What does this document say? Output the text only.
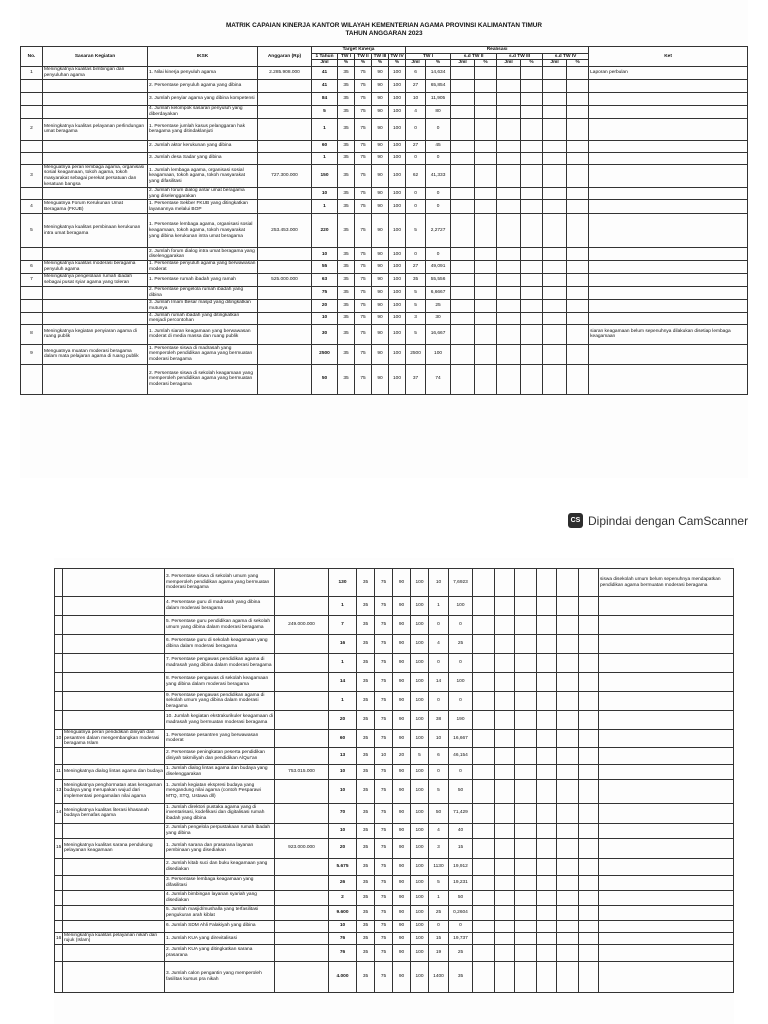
MATRIK CAPAIAN KINERJA KANTOR WILAYAH KEMENTERIAN AGAMA PROVINSI KALIMANTAN TIMUR
TAHUN ANGGARAN 2023
No.	Sasaran Kegiatan	IKSK	Anggaran (Rp)	Target Kinerja					Realisasi								Ket
				1 Tahun	TW I	TW II	TW III	TW IV	TW I		s.d TW II		s.d TW III		s.d TW IV		
				Jml	%	%	%	%	Jml	%	Jml	%	Jml	%	Jml	%	
1	Meningkatnya kualitas bimbingan dan penyuluhan agama	1. Nilai kinerja penyuluh agama	2.285.908.000	41	35	75	90	100	6	14,634							Laporan perbulan
		2. Persentase penyuluh agama yang dibina		41	35	75	90	100	27	65,854							
		3. Jumlah penyiar agama yang dibina kompetensi		84	35	75	90	100	10	11,905							
		4. Jumlah kelompok sasaran penyuluh yang diberdayakan		5	35	75	90	100	4	80							
2	Meningkatnya kualitas pelayanan perlindungan umat beragama	1. Persentase jumlah kasus pelanggaran hak beragama yang ditindaklanjuti		1	35	75	90	100	0	0							
		2. Jumlah aktor kerukunan yang dibina		60	35	75	90	100	27	45							
		3. Jumlah desa Sadar yang dibina		1	35	75	90	100	0	0							
3	Menguatnya peran lembaga agama, organisasi sosial keagamaan, tokoh agama, tokoh masyarakat sebagai perekat persatuan dan kesatuan bangsa	1. Jumlah lembaga agama, organisasi sosial keagamaan, tokoh agama, tokoh masyarakat yang difasilitasi	727.300.000	150	35	75	90	100	62	41,333							
		2. Jumlah forum dialog antar umat beragama yang diselenggarakan		10	35	75	90	100	0	0							
4	Menguatnya Forum Kerukunan Umat Beragama (FKUB)	1. Persentase Sekber FKUB yang ditingkatkan layanannya melalui BOP		1	35	75	90	100	0	0							
5	Meningkatnya kualitas pembinaan kerukunan intra umat beragama	1. Persentase lembaga agama, organisasi sosial keagamaan, tokoh agama, tokoh masyarakat yang dibina kerukunan intra umat beragama	253.453.000	220	35	75	90	100	5	2,2727							
		2. Jumlah forum dialog intra umat beragama yang diselenggarakan		10	35	75	90	100	0	0							
6	Meningkatnya kualitas moderasi beragama penyuluh agama	1. Persentase penyuluh agama yang berwawasan moderat		55	35	75	90	100	27	49,091							
7	Meningkatnya pengelolaan rumah ibadah sebagai pusat syiar agama yang toleran	1. Persentase rumah ibadah yang ramah	525.000.000	63	35	75	90	100	35	55,556							
		2. Persentase pengelola rumah ibadah yang dibina		75	35	75	90	100	5	6,6667							
		3. Jumlah Imam Besar masjid yang ditingkatkan mutunya		20	35	75	90	100	5	25							
		4. Jumlah rumah ibadah yang ditingkatkan menjadi percontohan		10	35	75	90	100	3	30							
8	Meningkatnya kegiatan penyiaran agama di ruang publik	1. Jumlah siaran keagamaan yang berwawasan moderat di media massa dan ruang publik		30	35	75	90	100	5	16,667							siaran keagamaan belum sepenuhnya dilakukan disetiap lembaga keagamaan
9	Menguatnya muatan moderasi beragama dalam mata pelajaran agama di ruang publik	1. Persentase siswa di madrasah yang memperoleh pendidikan agama yang bermuatan moderasi beragama		2500	35	75	90	100	2500	100							
		2. Persentase siswa di sekolah keagamaan yang memperoleh pendidikan agama yang bermuatan moderasi beragama		50	35	75	90	100	37	74							
CS Dipindai dengan CamScanner
		3. Persentase siswa di sekolah umum yang memperoleh pendidikan agama yang bermuatan moderasi beragama		130	35	75	90	100	10	7,6923							siswa disekolah umum belum sepenuhnya mendapatkan pendidikan agama bermuatan moderasi beragama
		4. Persentase guru di madrasah yang dibina dalam moderasi beragama		1	35	75	90	100	1	100							
		5. Persentase guru pendidikan agama di sekolah umum yang dibina dalam moderasi beragama	249.000.000	7	35	75	90	100	0	0							
		6. Persentase guru di sekolah keagamaan yang dibina dalam moderasi beragama		16	35	75	90	100	4	25							
		7. Persentase pengawas pendidikan agama di madrasah yang dibina dalam moderasi beragama		1	35	75	90	100	0	0							
		8. Persentase pengawas di sekolah keagamaan yang dibina dalam moderasi beragama		14	35	75	90	100	14	100							
		9. Persentase pengawas pendidikan agama di sekolah umum yang dibina dalam moderasi beragama		1	35	75	90	100	0	0							
		10. Jumlah kegiatan ekstrakurikuler keagamaan di madrasah yang bermuatan moderasi beragama		20	35	75	90	100	38	190							
10	Menguatnya peran pendidikan diniyah dan pesantren dalam mengembangkan moderasi beragama Islam	1. Persentase pesantren yang berwawasan moderat		60	35	75	90	100	10	16,667							
		2. Persentase peningkatan peserta pendidikan diniyah takmiliyah dan pendidikan AlQur'an		13	35	10	20	5	6	46,154							
11	Meningkatnya dialog lintas agama dan budaya	1. Jumlah dialog lintas agama dan budaya yang diselenggarakan	753.015.000	10	35	75	90	100	0	0							
13	Meningkatnya penghormatan atas keragaman budaya yang merupakan wujud dari implementasi pengamalan nilai agama	1. Jumlah kegiatan ekspresi budaya yang mengandung nilai agama (contoh Pesparawi MTQ, STQ, Ustawa dll)		10	35	75	90	100	5	50							
14	Meningkatnya kualitas literasi khasanah budaya bernafas agama	1. Jumlah direktori pustaka agama yang di inventarisasi, kodefikasi dan digitalisasi rumah ibadah yang dibina		70	35	75	90	100	50	71,429							
		2. Jumlah pengelola perpustakaan rumah ibadah yang dibina		10	35	75	90	100	4	40							
15	Meningkatnya kualitas sarana pendukung pelayanan keagamaan	1. Jumlah sarana dan prasarana layanan pembinaan yang disediakan	923.000.000	20	35	75	90	100	3	15							
		2. Jumlah kitab suci dan buku keagamaan yang disediakan		5.675	35	75	90	100	1130	19,912							
		3. Persentase lembaga keagamaan yang difasilitasi		26	35	75	90	100	5	19,231							
		4. Jumlah bimbingan layanan syariah yang disediakan		2	35	75	90	100	1	50							
		5. Jumlah masjid/mushalla yang terfasilitasi pengukuran arah kiblat		9.600	35	75	90	100	25	0,2604							
		6. Jumlah SDM Ahli Falakiyah yang dibina		10	35	75	90	100	0	0							
16	Meningkatnya kualitas pelayanan nikah dan rujuk (Islam)	1. Jumlah KUA yang direvitalisasi		76	35	75	90	100	15	19,737							
		2. Jumlah KUA yang ditingkatkan sarana prasarana		76	35	75	90	100	19	25							
		3. Jumlah calon pengantin yang memperoleh fasilitas kursus pra nikah		4.000	35	75	90	100	1400	35							
